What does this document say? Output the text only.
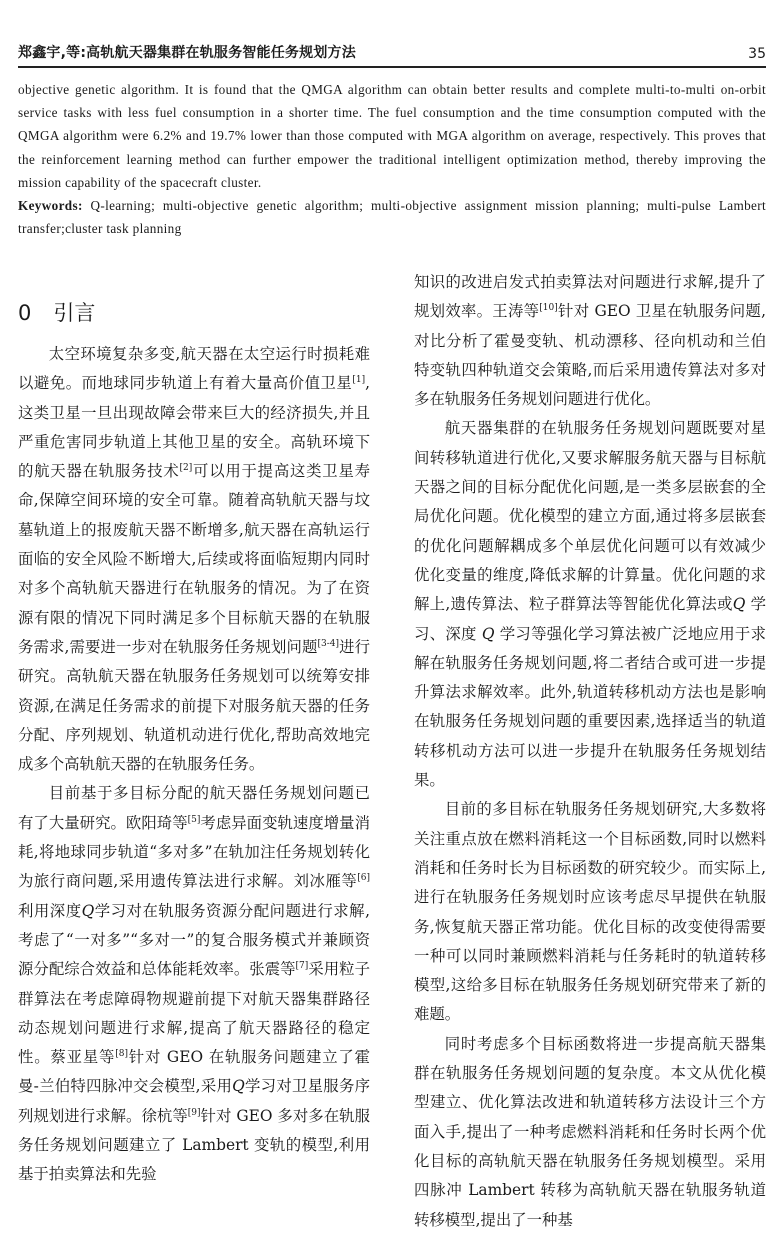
郑鑫宇,等:高轨航天器集群在轨服务智能任务规划方法	35

objective genetic algorithm. It is found that the QMGA algorithm can obtain better results and complete multi-to-multi on-orbit service tasks with less fuel consumption in a shorter time. The fuel consumption and the time consumption computed with the QMGA algorithm were 6.2% and 19.7% lower than those computed with MGA algorithm on average, respectively. This proves that the reinforcement learning method can further empower the traditional intelligent optimization method, thereby improving the mission capability of the spacecraft cluster.

Keywords: Q-learning; multi-objective genetic algorithm; multi-objective assignment mission planning; multi-pulse Lambert transfer;cluster task planning

0 引言

太空环境复杂多变,航天器在太空运行时损耗难以避免。而地球同步轨道上有着大量高价值卫星[1],这类卫星一旦出现故障会带来巨大的经济损失,并且严重危害同步轨道上其他卫星的安全。高轨环境下的航天器在轨服务技术[2]可以用于提高这类卫星寿命,保障空间环境的安全可靠。随着高轨航天器与坟墓轨道上的报废航天器不断增多,航天器在高轨运行面临的安全风险不断增大,后续或将面临短期内同时对多个高轨航天器进行在轨服务的情况。为了在资源有限的情况下同时满足多个目标航天器的在轨服务需求,需要进一步对在轨服务任务规划问题[3-4]进行研究。高轨航天器在轨服务任务规划可以统筹安排资源,在满足任务需求的前提下对服务航天器的任务分配、序列规划、轨道机动进行优化,帮助高效地完成多个高轨航天器的在轨服务任务。

目前基于多目标分配的航天器任务规划问题已有了大量研究。欧阳琦等[5]考虑异面变轨速度增量消耗,将地球同步轨道“多对多”在轨加注任务规划转化为旅行商问题,采用遗传算法进行求解。刘冰雁等[6]利用深度Q学习对在轨服务资源分配问题进行求解,考虑了“一对多”“多对一”的复合服务模式并兼顾资源分配综合效益和总体能耗效率。张震等[7]采用粒子群算法在考虑障碍物规避前提下对航天器集群路径动态规划问题进行求解,提高了航天器路径的稳定性。蔡亚星等[8]针对 GEO 在轨服务问题建立了霍曼-兰伯特四脉冲交会模型,采用Q学习对卫星服务序列规划进行求解。徐杭等[9]针对 GEO 多对多在轨服务任务规划问题建立了 Lambert 变轨的模型,利用基于拍卖算法和先验

知识的改进启发式拍卖算法对问题进行求解,提升了规划效率。王涛等[10]针对 GEO 卫星在轨服务问题,对比分析了霍曼变轨、机动漂移、径向机动和兰伯特变轨四种轨道交会策略,而后采用遗传算法对多对多在轨服务任务规划问题进行优化。

航天器集群的在轨服务任务规划问题既要对星间转移轨道进行优化,又要求解服务航天器与目标航天器之间的目标分配优化问题,是一类多层嵌套的全局优化问题。优化模型的建立方面,通过将多层嵌套的优化问题解耦成多个单层优化问题可以有效减少优化变量的维度,降低求解的计算量。优化问题的求解上,遗传算法、粒子群算法等智能优化算法或Q 学习、深度 Q 学习等强化学习算法被广泛地应用于求解在轨服务任务规划问题,将二者结合或可进一步提升算法求解效率。此外,轨道转移机动方法也是影响在轨服务任务规划问题的重要因素,选择适当的轨道转移机动方法可以进一步提升在轨服务任务规划结果。

目前的多目标在轨服务任务规划研究,大多数将关注重点放在燃料消耗这一个目标函数,同时以燃料消耗和任务时长为目标函数的研究较少。而实际上,进行在轨服务任务规划时应该考虑尽早提供在轨服务,恢复航天器正常功能。优化目标的改变使得需要一种可以同时兼顾燃料消耗与任务耗时的轨道转移模型,这给多目标在轨服务任务规划研究带来了新的难题。

同时考虑多个目标函数将进一步提高航天器集群在轨服务任务规划问题的复杂度。本文从优化模型建立、优化算法改进和轨道转移方法设计三个方面入手,提出了一种考虑燃料消耗和任务时长两个优化目标的高轨航天器在轨服务任务规划模型。采用四脉冲 Lambert 转移为高轨航天器在轨服务轨道转移模型,提出了一种基
